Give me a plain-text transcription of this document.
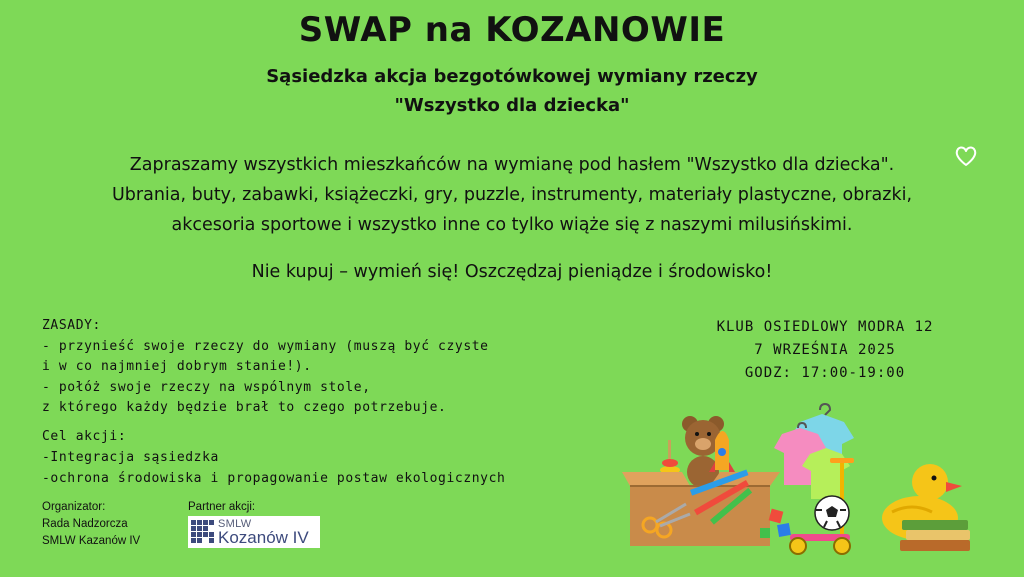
SWAP na KOZANOWIE
Sąsiedzka akcja bezgotówkowej wymiany rzeczy
"Wszystko dla dziecka"
Zapraszamy wszystkich mieszkańców na wymianę pod hasłem "Wszystko dla dziecka".
Ubrania, buty, zabawki, książeczki, gry, puzzle, instrumenty, materiały plastyczne, obrazki,
akcesoria sportowe i wszystko inne co tylko wiąże się z naszymi milusińskimi.
Nie kupuj – wymień się! Oszczędzaj pieniądze i środowisko!
ZASADY:
- przynieść swoje rzeczy do wymiany (muszą być czyste
i w co najmniej dobrym stanie!).
- połóż swoje rzeczy na wspólnym stole,
z którego każdy będzie brał to czego potrzebuje.
Cel akcji:
-Integracja sąsiedzka
-ochrona środowiska i propagowanie postaw ekologicznych
KLUB OSIEDLOWY MODRA 12
7 WRZEŚNIA 2025
GODZ: 17:00-19:00
Organizator:
Rada Nadzorcza
SMLW Kazanów IV
Partner akcji:
SMLW
Kozanów IV
